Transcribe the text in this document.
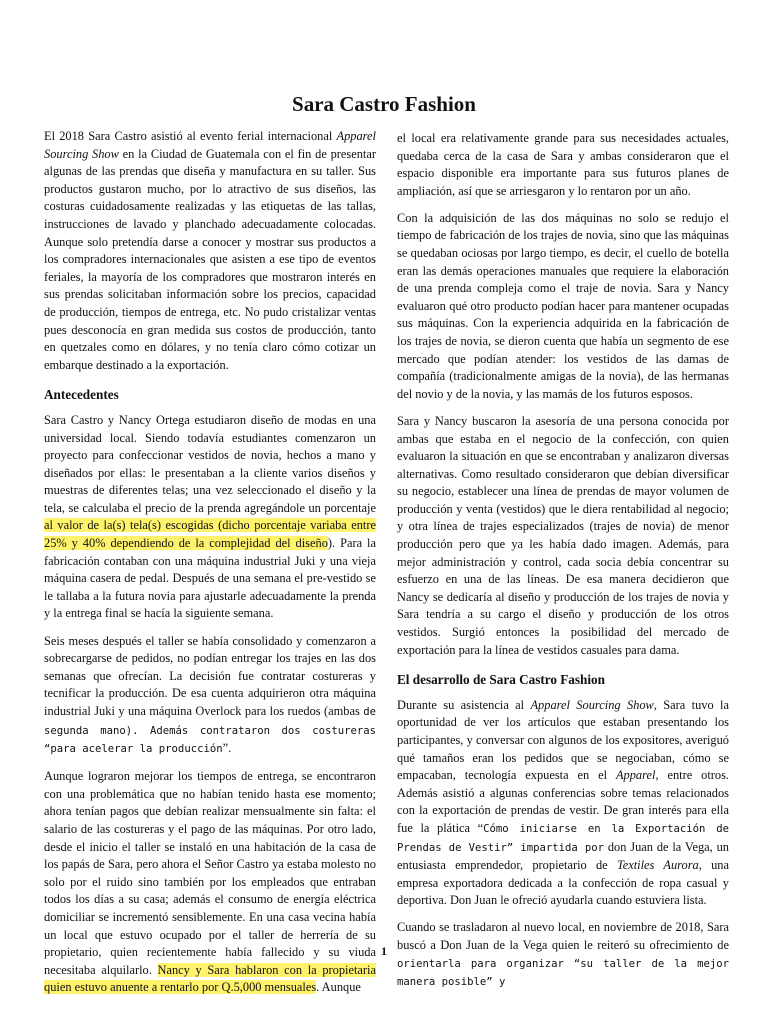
Sara Castro Fashion

El 2018 Sara Castro asistió al evento ferial internacional Apparel Sourcing Show en la Ciudad de Guatemala con el fin de presentar algunas de las prendas que diseña y manufactura en su taller. Sus productos gustaron mucho, por lo atractivo de sus diseños, las costuras cuidadosamente realizadas y las etiquetas de las tallas, instrucciones de lavado y planchado adecuadamente colocadas. Aunque solo pretendía darse a conocer y mostrar sus productos a los compradores internacionales que asisten a ese tipo de eventos feriales, la mayoría de los compradores que mostraron interés en sus prendas solicitaban información sobre los precios, capacidad de producción, tiempos de entrega, etc. No pudo cristalizar ventas pues desconocía en gran medida sus costos de producción, tanto en quetzales como en dólares, y no tenía claro cómo cotizar un embarque destinado a la exportación.

Antecedentes

Sara Castro y Nancy Ortega estudiaron diseño de modas en una universidad local. Siendo todavía estudiantes comenzaron un proyecto para confeccionar vestidos de novia, hechos a mano y diseñados por ellas: le presentaban a la cliente varios diseños y muestras de diferentes telas; una vez seleccionado el diseño y la tela, se calculaba el precio de la prenda agregándole un porcentaje al valor de la(s) tela(s) escogidas (dicho porcentaje variaba entre 25% y 40% dependiendo de la complejidad del diseño). Para la fabricación contaban con una máquina industrial Juki y una vieja máquina casera de pedal. Después de una semana el pre-vestido se le tallaba a la futura novia para ajustarle adecuadamente la prenda y la entrega final se hacía la siguiente semana.

Seis meses después el taller se había consolidado y comenzaron a sobrecargarse de pedidos, no podían entregar los trajes en las dos semanas que ofrecían. La decisión fue contratar costureras y tecnificar la producción. De esa cuenta adquirieron otra máquina industrial Juki y una máquina Overlock para los ruedos (ambas de segunda mano). Además contrataron dos costureras “para acelerar la producción”.

Aunque lograron mejorar los tiempos de entrega, se encontraron con una problemática que no habían tenido hasta ese momento; ahora tenían pagos que debían realizar mensualmente sin falta: el salario de las costureras y el pago de las máquinas. Por otro lado, desde el inicio el taller se instaló en una habitación de la casa de los papás de Sara, pero ahora el Señor Castro ya estaba molesto no solo por el ruido sino también por los empleados que entraban todos los días a su casa; además el consumo de energía eléctrica domiciliar se incrementó sensiblemente. En una casa vecina había un local que estuvo ocupado por el taller de herrería de su propietario, quien recientemente había fallecido y su viuda necesitaba alquilarlo. Nancy y Sara hablaron con la propietaria quien estuvo anuente a rentarlo por Q.5,000 mensuales. Aunque

el local era relativamente grande para sus necesidades actuales, quedaba cerca de la casa de Sara y ambas consideraron que el espacio disponible era importante para sus futuros planes de ampliación, así que se arriesgaron y lo rentaron por un año.

Con la adquisición de las dos máquinas no solo se redujo el tiempo de fabricación de los trajes de novia, sino que las máquinas se quedaban ociosas por largo tiempo, es decir, el cuello de botella eran las demás operaciones manuales que requiere la elaboración de una prenda compleja como el traje de novia. Sara y Nancy evaluaron qué otro producto podían hacer para mantener ocupadas sus máquinas. Con la experiencia adquirida en la fabricación de los trajes de novia, se dieron cuenta que había un segmento de ese mercado que podían atender: los vestidos de las damas de compañía (tradicionalmente amigas de la novia), de las hermanas del novio y de la novia, y las mamás de los futuros esposos.

Sara y Nancy buscaron la asesoría de una persona conocida por ambas que estaba en el negocio de la confección, con quien evaluaron la situación en que se encontraban y analizaron diversas alternativas. Como resultado consideraron que debían diversificar su negocio, establecer una línea de prendas de mayor volumen de producción y venta (vestidos) que le diera rentabilidad al negocio; y otra línea de trajes especializados (trajes de novia) de menor producción pero que ya les había dado imagen. Además, para mejor administración y control, cada socia debía concentrar su esfuerzo en una de las líneas. De esa manera decidieron que Nancy se dedicaría al diseño y producción de los trajes de novia y Sara tendría a su cargo el diseño y producción de los otros vestidos. Surgió entonces la posibilidad del mercado de exportación para la línea de vestidos casuales para dama.

El desarrollo de Sara Castro Fashion

Durante su asistencia al Apparel Sourcing Show, Sara tuvo la oportunidad de ver los artículos que estaban presentando los participantes, y conversar con algunos de los expositores, averiguó qué tamaños eran los pedidos que se negociaban, cómo se empacaban, tecnología expuesta en el Apparel, entre otros. Además asistió a algunas conferencias sobre temas relacionados con la exportación de prendas de vestir. De gran interés para ella fue la plática “Cómo iniciarse en la Exportación de Prendas de Vestir” impartida por don Juan de la Vega, un entusiasta emprendedor, propietario de Textiles Aurora, una empresa exportadora dedicada a la confección de ropa casual y deportiva. Don Juan le ofreció ayudarla cuando estuviera lista.

Cuando se trasladaron al nuevo local, en noviembre de 2018, Sara buscó a Don Juan de la Vega quien le reiteró su ofrecimiento de orientarla para organizar “su taller de la mejor manera posible” y

1
